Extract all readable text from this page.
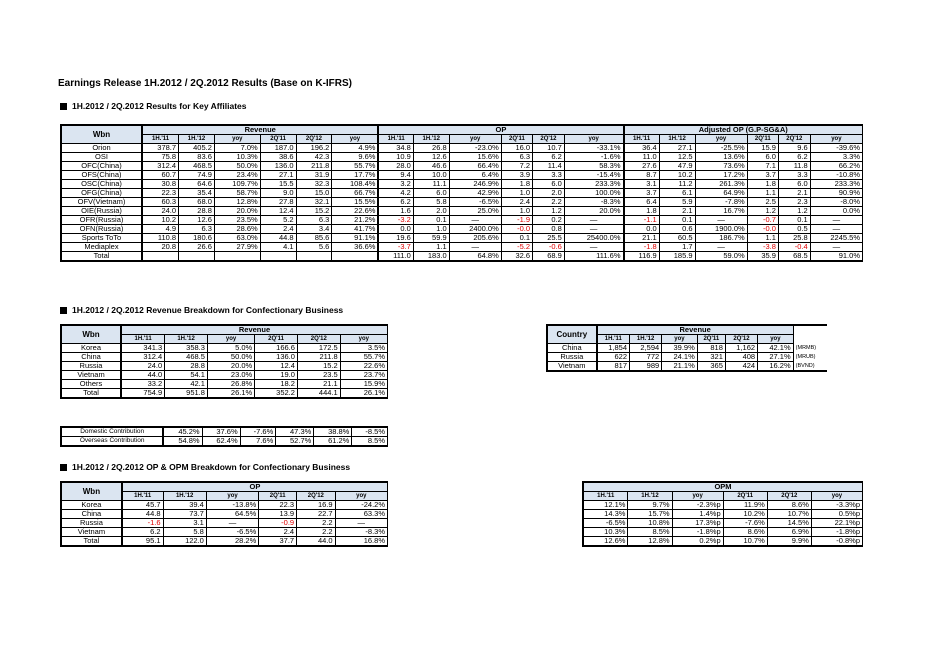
Earnings Release 1H.2012 / 2Q.2012 Results (Base on K-IFRS)
1H.2012 / 2Q.2012 Results for Key Affiliates
Wbn	Revenue						OP						Adjusted OP (G.P-SG&A)					
	1H.'11	1H.'12	yoy	2Q'11	2Q'12	yoy	1H.'11	1H.'12	yoy	2Q'11	2Q'12	yoy	1H.'11	1H.'12	yoy	2Q'11	2Q'12	yoy
Orion	378.7	405.2	7.0%	187.0	196.2	4.9%	34.8	26.8	-23.0%	16.0	10.7	-33.1%	36.4	27.1	-25.5%	15.9	9.6	-39.6%
OSI	75.8	83.6	10.3%	38.6	42.3	9.6%	10.9	12.6	15.6%	6.3	6.2	-1.6%	11.0	12.5	13.6%	6.0	6.2	3.3%
OFC(China)	312.4	468.5	50.0%	136.0	211.8	55.7%	28.0	46.6	66.4%	7.2	11.4	58.3%	27.6	47.9	73.6%	7.1	11.8	66.2%
OFS(China)	60.7	74.9	23.4%	27.1	31.9	17.7%	9.4	10.0	6.4%	3.9	3.3	-15.4%	8.7	10.2	17.2%	3.7	3.3	-10.8%
OSC(China)	30.8	64.6	109.7%	15.5	32.3	108.4%	3.2	11.1	246.9%	1.8	6.0	233.3%	3.1	11.2	261.3%	1.8	6.0	233.3%
OFG(China)	22.3	35.4	58.7%	9.0	15.0	66.7%	4.2	6.0	42.9%	1.0	2.0	100.0%	3.7	6.1	64.9%	1.1	2.1	90.9%
OFV(Vietnam)	60.3	68.0	12.8%	27.8	32.1	15.5%	6.2	5.8	-6.5%	2.4	2.2	-8.3%	6.4	5.9	-7.8%	2.5	2.3	-8.0%
OIE(Russia)	24.0	28.8	20.0%	12.4	15.2	22.6%	1.6	2.0	25.0%	1.0	1.2	20.0%	1.8	2.1	16.7%	1.2	1.2	0.0%
OFR(Russia)	10.2	12.6	23.5%	5.2	6.3	21.2%	-3.2	0.1	—	-1.9	0.2	—	-1.1	0.1	—	-0.7	0.1	—
OFN(Russia)	4.9	6.3	28.6%	2.4	3.4	41.7%	0.0	1.0	2400.0%	-0.0	0.8	—	0.0	0.6	1900.0%	-0.0	0.5	—
Sports ToTo	110.8	180.6	63.0%	44.8	85.6	91.1%	19.6	59.9	205.6%	0.1	25.5	25400.0%	21.1	60.5	186.7%	1.1	25.8	2245.5%
Mediaplex	20.8	26.6	27.9%	4.1	5.6	36.6%	-3.7	1.1	—	-5.2	-0.6	—	-1.8	1.7	—	-3.8	-0.4	—
Total							111.0	183.0	64.8%	32.6	68.9	111.6%	116.9	185.9	59.0%	35.9	68.5	91.0%
1H.2012 / 2Q.2012 Revenue Breakdown for Confectionary Business
Wbn	Revenue					
	1H.'11	1H.'12	yoy	2Q'11	2Q'12	yoy
Korea	341.3	358.3	5.0%	166.6	172.5	3.5%
China	312.4	468.5	50.0%	136.0	211.8	55.7%
Russia	24.0	28.8	20.0%	12.4	15.2	22.6%
Vietnam	44.0	54.1	23.0%	19.0	23.5	23.7%
Others	33.2	42.1	26.8%	18.2	21.1	15.9%
Total	754.9	951.8	26.1%	352.2	444.1	26.1%
Domestic Contribution	45.2%	37.6%	-7.6%	47.3%	38.8%	-8.5%
Overseas Contribution	54.8%	62.4%	7.6%	52.7%	61.2%	8.5%
Country	Revenue						
	1H.'11	1H.'12	yoy	2Q'11	2Q'12	yoy	
China	1,854	2,594	39.9%	818	1,162	42.1%	(MRMB)
Russia	622	772	24.1%	321	408	27.1%	(MRUB)
Vietnam	817	989	21.1%	365	424	16.2%	(BVND)
1H.2012 / 2Q.2012 OP & OPM Breakdown for Confectionary Business
Wbn	OP					
	1H.'11	1H.'12	yoy	2Q'11	2Q'12	yoy
Korea	45.7	39.4	-13.8%	22.3	16.9	-24.2%
China	44.8	73.7	64.5%	13.9	22.7	63.3%
Russia	-1.6	3.1	—	-0.9	2.2	—
Vietnam	6.2	5.8	-6.5%	2.4	2.2	-8.3%
Total	95.1	122.0	28.2%	37.7	44.0	16.8%
OPM					
1H.'11	1H.'12	yoy	2Q'11	2Q'12	yoy
12.1%	9.7%	-2.3%p	11.9%	8.6%	-3.3%p
14.3%	15.7%	1.4%p	10.2%	10.7%	0.5%p
-6.5%	10.8%	17.3%p	-7.6%	14.5%	22.1%p
10.3%	8.5%	-1.8%p	8.6%	6.9%	-1.8%p
12.6%	12.8%	0.2%p	10.7%	9.9%	-0.8%p
